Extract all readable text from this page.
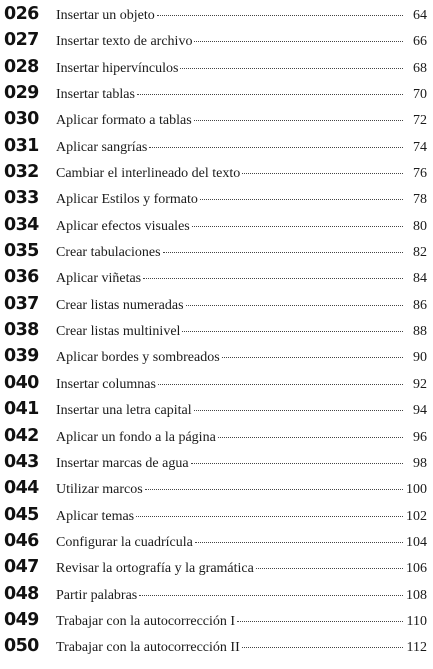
026	Insertar un objeto	64
027	Insertar texto de archivo	66
028	Insertar hipervínculos	68
029	Insertar tablas	70
030	Aplicar formato a tablas	72
031	Aplicar sangrías	74
032	Cambiar el interlineado del texto	76
033	Aplicar Estilos y formato	78
034	Aplicar efectos visuales	80
035	Crear tabulaciones	82
036	Aplicar viñetas	84
037	Crear listas numeradas	86
038	Crear listas multinivel	88
039	Aplicar bordes y sombreados	90
040	Insertar columnas	92
041	Insertar una letra capital	94
042	Aplicar un fondo a la página	96
043	Insertar marcas de agua	98
044	Utilizar marcos	100
045	Aplicar temas	102
046	Configurar la cuadrícula	104
047	Revisar la ortografía y la gramática	106
048	Partir palabras	108
049	Trabajar con la autocorrección I	110
050	Trabajar con la autocorrección II	112
